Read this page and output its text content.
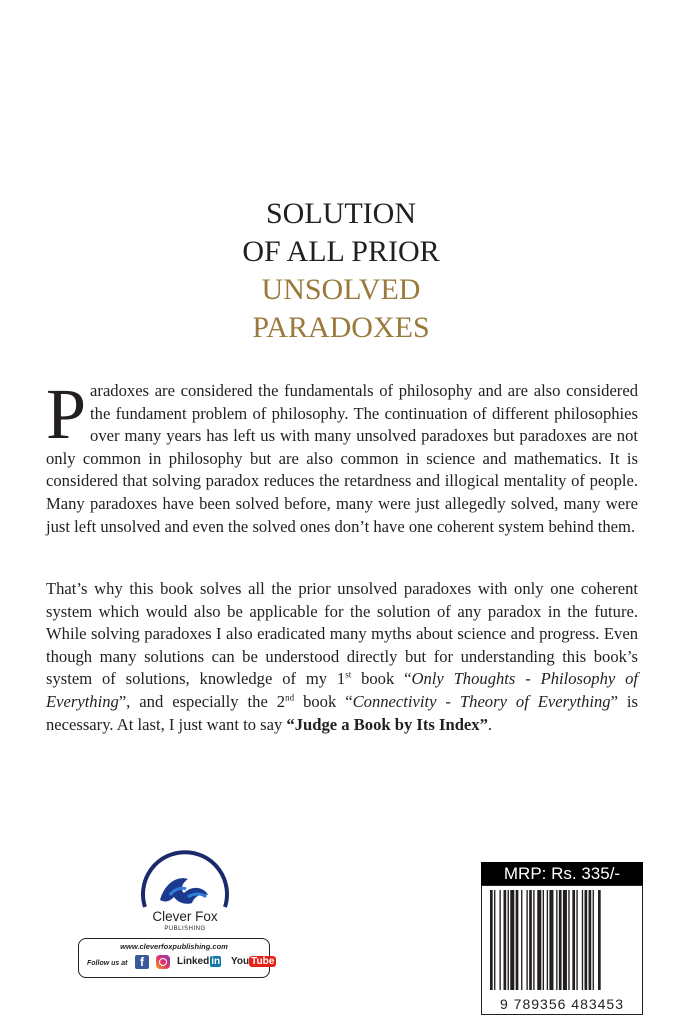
SOLUTION
OF ALL PRIOR
UNSOLVED
PARADOXES
Paradoxes are considered the fundamentals of philosophy and are also considered the fundament problem of philosophy. The continuation of different philosophies over many years has left us with many unsolved paradoxes but paradoxes are not only common in philosophy but are also common in science and mathematics. It is considered that solving paradox reduces the retardness and illogical mentality of people. Many paradoxes have been solved before, many were just allegedly solved, many were just left unsolved and even the solved ones don’t have one coherent system behind them.
That’s why this book solves all the prior unsolved paradoxes with only one coherent system which would also be applicable for the solution of any paradox in the future. While solving paradoxes I also eradicated many myths about science and progress. Even though many solutions can be understood directly but for understanding this book’s system of solutions, knowledge of my 1st book “Only Thoughts - Philosophy of Everything”, and especially the 2nd book “Connectivity - Theory of Everything” is necessary. At last, I just want to say “Judge a Book by Its Index”.
Clever Fox
PUBLISHING
www.cleverfoxpublishing.com
Follow us at	f	Linked in You Tube
MRP: Rs. 335/-
9 789356 483453
